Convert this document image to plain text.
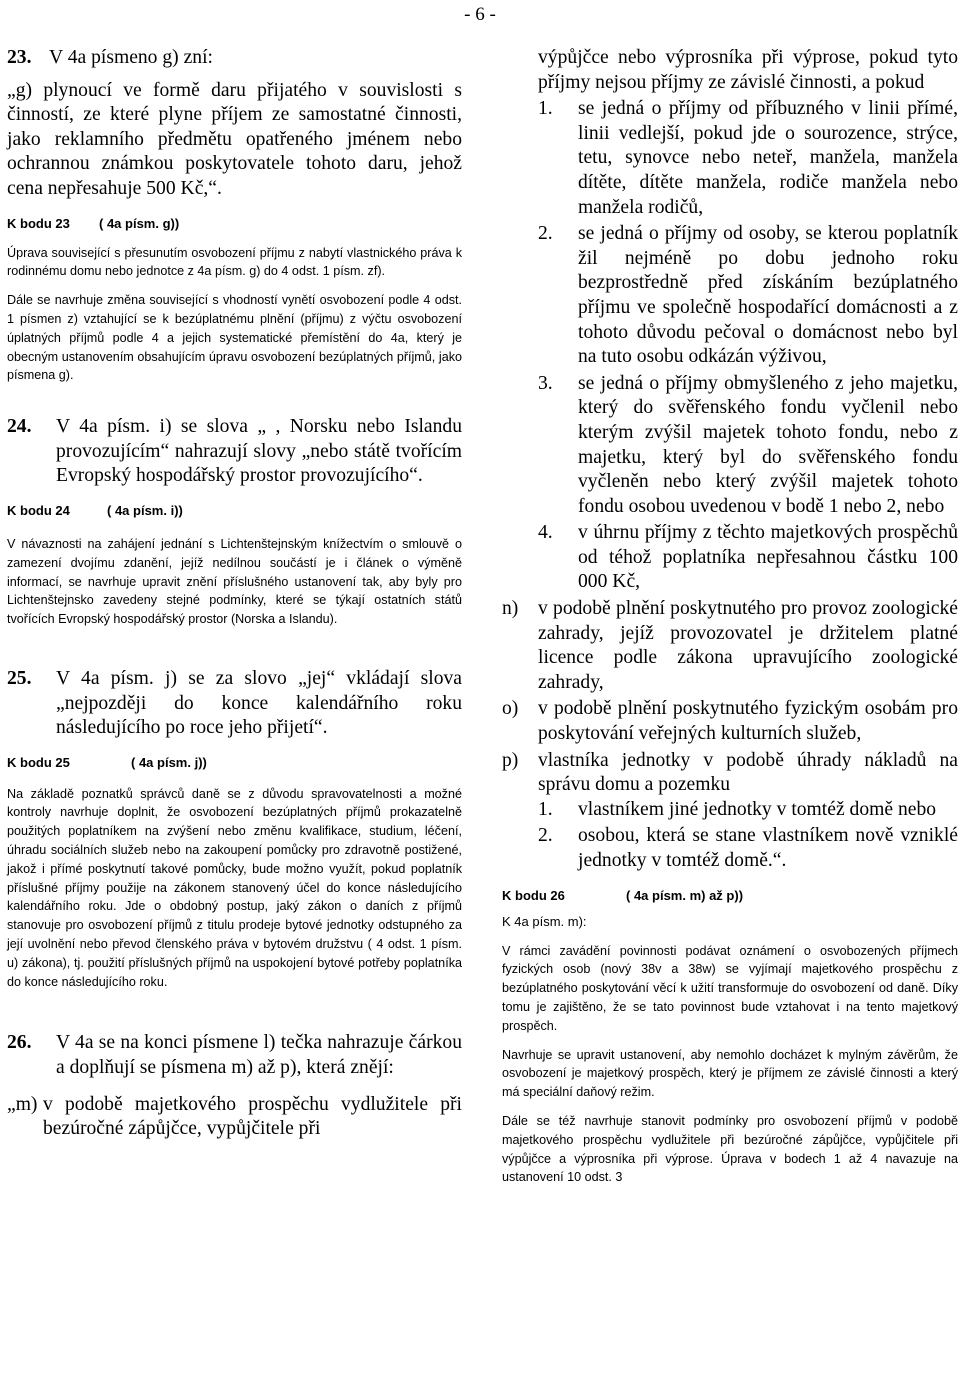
- 6 -

23. V 4a písmeno g) zní:

„g) plynoucí ve formě daru přijatého v souvislosti s činností, ze které plyne příjem ze samostatné činnosti, jako reklamního předmětu opatřeného jménem nebo ochrannou známkou poskytovatele tohoto daru, jehož cena nepřesahuje 500 Kč,“.

K bodu 23 ( 4a písm. g))

Úprava související s přesunutím osvobození příjmu z nabytí vlastnického práva k rodinnému domu nebo jednotce z 4a písm. g) do 4 odst. 1 písm. zf).

Dále se navrhuje změna související s vhodností vynětí osvobození podle 4 odst. 1 písmen z) vztahující se k bezúplatnému plnění (příjmu) z výčtu osvobození úplatných příjmů podle 4 a jejich systematické přemístění do 4a, který je obecným ustanovením obsahujícím úpravu osvobození bezúplatných příjmů, jako písmena g).

24.	V 4a písm. i) se slova „ , Norsku nebo Islandu provozujícím“ nahrazují slovy „nebo státě tvořícím Evropský hospodářský prostor provozujícího“.

K bodu 24	( 4a písm. i))

V návaznosti na zahájení jednání s Lichtenštejnským knížectvím o smlouvě o zamezení dvojímu zdanění, jejíž nedílnou součástí je i článek o výměně informací, se navrhuje upravit znění příslušného ustanovení tak, aby byly pro Lichtenštejnsko zavedeny stejné podmínky, které se týkají ostatních států tvořících Evropský hospodářský prostor (Norska a Islandu).

25.	V 4a písm. j) se za slovo „jej“ vkládají slova „nejpozději do konce kalendářního roku následujícího po roce jeho přijetí“.

K bodu 25	( 4a písm. j))

Na základě poznatků správců daně se z důvodu spravovatelnosti a možné kontroly navrhuje doplnit, že osvobození bezúplatných příjmů prokazatelně použitých poplatníkem na zvýšení nebo změnu kvalifikace, studium, léčení, úhradu sociálních služeb nebo na zakoupení pomůcky pro zdravotně postižené, jakož i přímé poskytnutí takové pomůcky, bude možno využít, pokud poplatník příslušné příjmy použije na zákonem stanovený účel do konce následujícího kalendářního roku. Jde o obdobný postup, jaký zákon o daních z příjmů stanovuje pro osvobození příjmů z titulu prodeje bytové jednotky odstupného za její uvolnění nebo převod členského práva v bytovém družstvu ( 4 odst. 1 písm. u) zákona), tj. použití příslušných příjmů na uspokojení bytové potřeby poplatníka do konce následujícího roku.

26.	V 4a se na konci písmene l) tečka nahrazuje čárkou a doplňují se písmena m) až p), která znějí:

„m) v podobě majetkového prospěchu vydlužitele při bezúročné zápůjčce, vypůjčitele při

výpůjčce nebo výprosníka při výprose, pokud tyto příjmy nejsou příjmy ze závislé činnosti, a pokud

1.	se jedná o příjmy od příbuzného v linii přímé, linii vedlejší, pokud jde o sourozence, strýce, tetu, synovce nebo neteř, manžela, manžela dítěte, dítěte manžela, rodiče manžela nebo manžela rodičů,
2.	se jedná o příjmy od osoby, se kterou poplatník žil nejméně po dobu jednoho roku bezprostředně před získáním bezúplatného příjmu ve společně hospodařící domácnosti a z tohoto důvodu pečoval o domácnost nebo byl na tuto osobu odkázán výživou,
3.	se jedná o příjmy obmyšleného z jeho majetku, který do svěřenského fondu vyčlenil nebo kterým zvýšil majetek tohoto fondu, nebo z majetku, který byl do svěřenského fondu vyčleněn nebo který zvýšil majetek tohoto fondu osobou uvedenou v bodě 1 nebo 2, nebo
4.	v úhrnu příjmy z těchto majetkových prospěchů od téhož poplatníka nepřesahnou částku 100 000 Kč,
n)	v podobě plnění poskytnutého pro provoz zoologické zahrady, jejíž provozovatel je držitelem platné licence podle zákona upravujícího zoologické zahrady,
o)	v podobě plnění poskytnutého fyzickým osobám pro poskytování veřejných kulturních služeb,
p)	vlastníka jednotky v podobě úhrady nákladů na správu domu a pozemku
1.	vlastníkem jiné jednotky v tomtéž domě nebo
2.	osobou, která se stane vlastníkem nově vzniklé jednotky v tomtéž domě.“.

K bodu 26	( 4a písm. m) až p))

K 4a písm. m):

V rámci zavádění povinnosti podávat oznámení o osvobozených příjmech fyzických osob (nový 38v a 38w) se vyjímají majetkového prospěchu z bezúplatného poskytování věcí k užití transformuje do osvobození od daně. Díky tomu je zajištěno, že se tato povinnost bude vztahovat i na tento majetkový prospěch.

Navrhuje se upravit ustanovení, aby nemohlo docházet k mylným závěrům, že osvobození je majetkový prospěch, který je příjmem ze závislé činnosti a který má speciální daňový režim.

Dále se též navrhuje stanovit podmínky pro osvobození příjmů v podobě majetkového prospěchu vydlužitele při bezúročné zápůjčce, vypůjčitele při výpůjčce a výprosníka při výprose. Úprava v bodech 1 až 4 navazuje na ustanovení 10 odst. 3
